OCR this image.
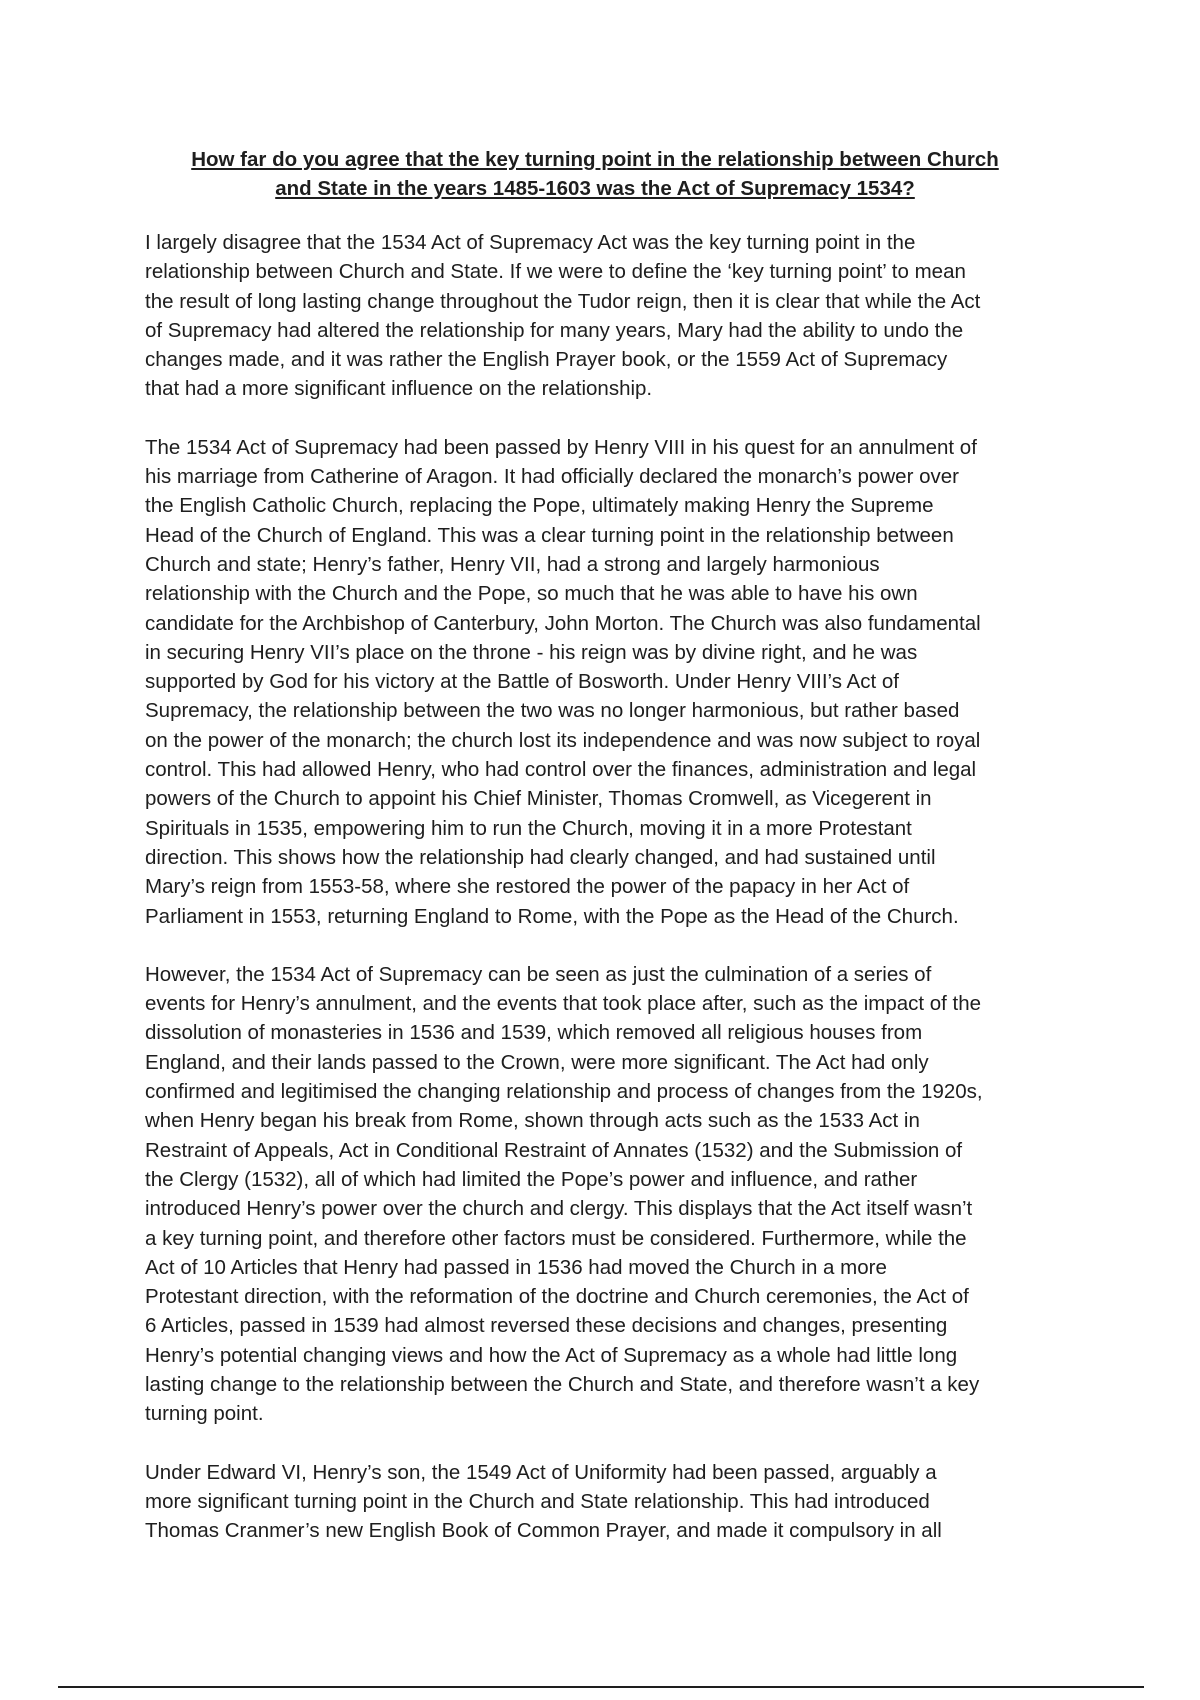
How far do you agree that the key turning point in the relationship between Church
and State in the years 1485-1603 was the Act of Supremacy 1534?

I largely disagree that the 1534 Act of Supremacy Act was the key turning point in the
relationship between Church and State. If we were to define the ‘key turning point’ to mean
the result of long lasting change throughout the Tudor reign, then it is clear that while the Act
of Supremacy had altered the relationship for many years, Mary had the ability to undo the
changes made, and it was rather the English Prayer book, or the 1559 Act of Supremacy
that had a more significant influence on the relationship.

The 1534 Act of Supremacy had been passed by Henry VIII in his quest for an annulment of
his marriage from Catherine of Aragon. It had officially declared the monarch’s power over
the English Catholic Church, replacing the Pope, ultimately making Henry the Supreme
Head of the Church of England. This was a clear turning point in the relationship between
Church and state; Henry’s father, Henry VII, had a strong and largely harmonious
relationship with the Church and the Pope, so much that he was able to have his own
candidate for the Archbishop of Canterbury, John Morton. The Church was also fundamental
in securing Henry VII’s place on the throne - his reign was by divine right, and he was
supported by God for his victory at the Battle of Bosworth. Under Henry VIII’s Act of
Supremacy, the relationship between the two was no longer harmonious, but rather based
on the power of the monarch; the church lost its independence and was now subject to royal
control. This had allowed Henry, who had control over the finances, administration and legal
powers of the Church to appoint his Chief Minister, Thomas Cromwell, as Vicegerent in
Spirituals in 1535, empowering him to run the Church, moving it in a more Protestant
direction. This shows how the relationship had clearly changed, and had sustained until
Mary’s reign from 1553-58, where she restored the power of the papacy in her Act of
Parliament in 1553, returning England to Rome, with the Pope as the Head of the Church.

However, the 1534 Act of Supremacy can be seen as just the culmination of a series of
events for Henry’s annulment, and the events that took place after, such as the impact of the
dissolution of monasteries in 1536 and 1539, which removed all religious houses from
England, and their lands passed to the Crown, were more significant. The Act had only
confirmed and legitimised the changing relationship and process of changes from the 1920s,
when Henry began his break from Rome, shown through acts such as the 1533 Act in
Restraint of Appeals, Act in Conditional Restraint of Annates (1532) and the Submission of
the Clergy (1532), all of which had limited the Pope’s power and influence, and rather
introduced Henry’s power over the church and clergy. This displays that the Act itself wasn’t
a key turning point, and therefore other factors must be considered. Furthermore, while the
Act of 10 Articles that Henry had passed in 1536 had moved the Church in a more
Protestant direction, with the reformation of the doctrine and Church ceremonies, the Act of
6 Articles, passed in 1539 had almost reversed these decisions and changes, presenting
Henry’s potential changing views and how the Act of Supremacy as a whole had little long
lasting change to the relationship between the Church and State, and therefore wasn’t a key
turning point.

Under Edward VI, Henry’s son, the 1549 Act of Uniformity had been passed, arguably a
more significant turning point in the Church and State relationship. This had introduced
Thomas Cranmer’s new English Book of Common Prayer, and made it compulsory in all
